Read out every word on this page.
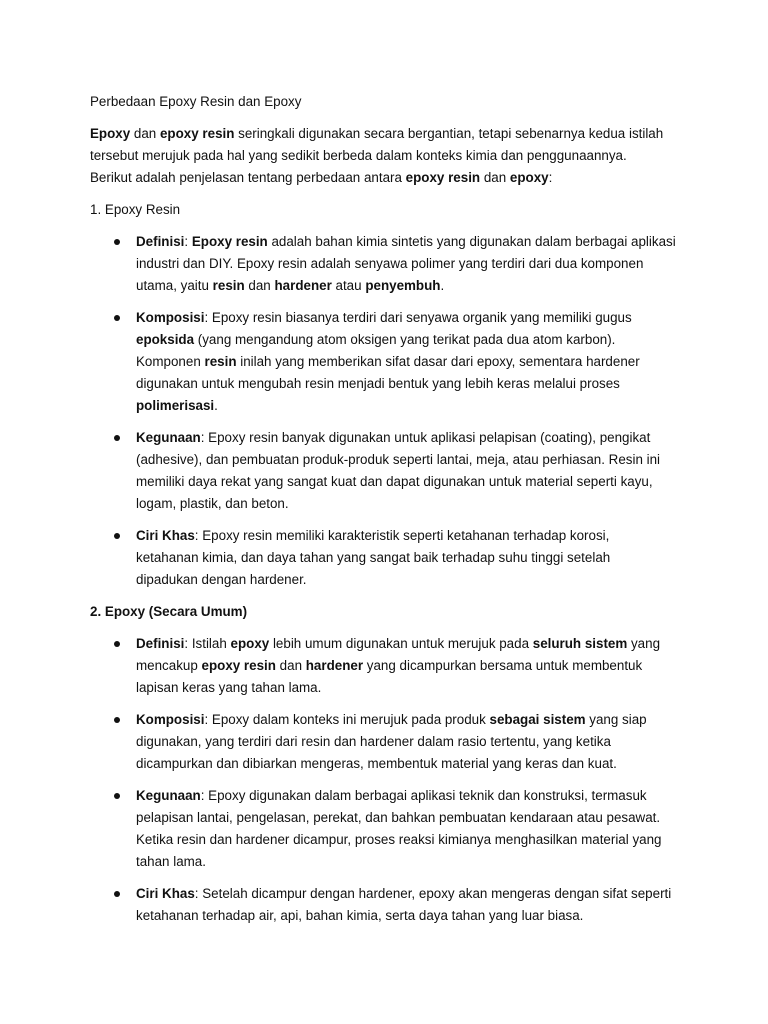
Perbedaan Epoxy Resin dan Epoxy
Epoxy dan epoxy resin seringkali digunakan secara bergantian, tetapi sebenarnya kedua istilah
tersebut merujuk pada hal yang sedikit berbeda dalam konteks kimia dan penggunaannya.
Berikut adalah penjelasan tentang perbedaan antara epoxy resin dan epoxy:
1. Epoxy Resin
Definisi: Epoxy resin adalah bahan kimia sintetis yang digunakan dalam berbagai aplikasi
industri dan DIY. Epoxy resin adalah senyawa polimer yang terdiri dari dua komponen
utama, yaitu resin dan hardener atau penyembuh.
Komposisi: Epoxy resin biasanya terdiri dari senyawa organik yang memiliki gugus
epoksida (yang mengandung atom oksigen yang terikat pada dua atom karbon).
Komponen resin inilah yang memberikan sifat dasar dari epoxy, sementara hardener
digunakan untuk mengubah resin menjadi bentuk yang lebih keras melalui proses
polimerisasi.
Kegunaan: Epoxy resin banyak digunakan untuk aplikasi pelapisan (coating), pengikat
(adhesive), dan pembuatan produk-produk seperti lantai, meja, atau perhiasan. Resin ini
memiliki daya rekat yang sangat kuat dan dapat digunakan untuk material seperti kayu,
logam, plastik, dan beton.
Ciri Khas: Epoxy resin memiliki karakteristik seperti ketahanan terhadap korosi,
ketahanan kimia, dan daya tahan yang sangat baik terhadap suhu tinggi setelah
dipadukan dengan hardener.
2. Epoxy (Secara Umum)
Definisi: Istilah epoxy lebih umum digunakan untuk merujuk pada seluruh sistem yang
mencakup epoxy resin dan hardener yang dicampurkan bersama untuk membentuk
lapisan keras yang tahan lama.
Komposisi: Epoxy dalam konteks ini merujuk pada produk sebagai sistem yang siap
digunakan, yang terdiri dari resin dan hardener dalam rasio tertentu, yang ketika
dicampurkan dan dibiarkan mengeras, membentuk material yang keras dan kuat.
Kegunaan: Epoxy digunakan dalam berbagai aplikasi teknik dan konstruksi, termasuk
pelapisan lantai, pengelasan, perekat, dan bahkan pembuatan kendaraan atau pesawat.
Ketika resin dan hardener dicampur, proses reaksi kimianya menghasilkan material yang
tahan lama.
Ciri Khas: Setelah dicampur dengan hardener, epoxy akan mengeras dengan sifat seperti
ketahanan terhadap air, api, bahan kimia, serta daya tahan yang luar biasa.
